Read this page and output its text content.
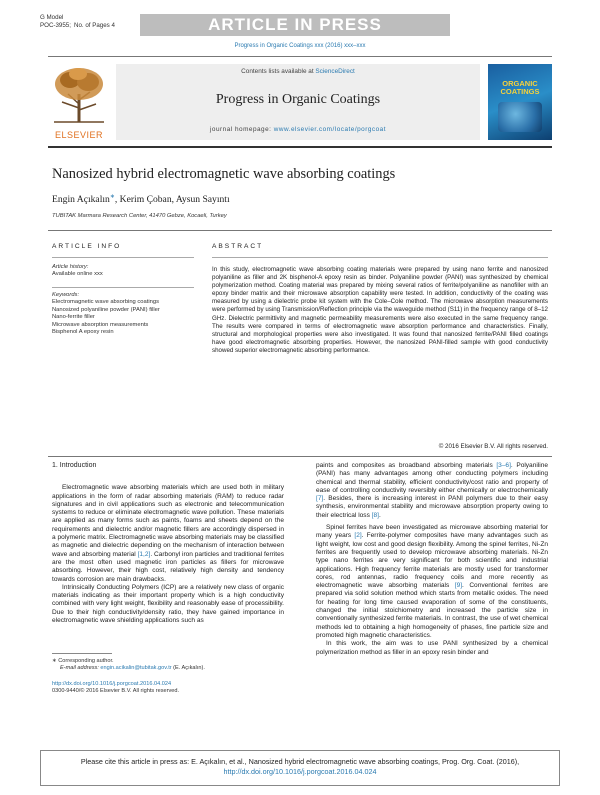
G Model
POC-3955; No. of Pages 4	ARTICLE IN PRESS
Progress in Organic Coatings xxx (2016) xxx–xxx
ELSEVIER
Contents lists available at ScienceDirect
Progress in Organic Coatings
journal homepage: www.elsevier.com/locate/porgcoat
ORGANIC
COATINGS
Nanosized hybrid electromagnetic wave absorbing coatings
Engin Açıkalın∗, Kerim Çoban, Aysun Sayıntı
TUBITAK Marmara Research Center, 41470 Gebze, Kocaeli, Turkey
ARTICLE INFO
Article history:
Available online xxx
Keywords:
Electromagnetic wave absorbing coatings
Nanosized polyaniline powder (PANI) filler
Nano-ferrite filler
Microwave absorption measurements
Bisphenol A epoxy resin
ABSTRACT
In this study, electromagnetic wave absorbing coating materials were prepared by using nano ferrite and nanosized polyaniline as filler and 2K bisphenol-A epoxy resin as binder. Polyaniline powder (PANI) was synthesized by chemical polymerization method. Coating material was prepared by mixing several ratios of ferrite/polyaniline as nanofiller with an epoxy binder matrix and their microwave absorption capability were tested. In addition, conductivity of the coating was measured by using a dielectric probe kit system with the Cole–Cole method. The microwave absorption measurements were performed by using Transmission/Reflection principle via the waveguide method (S11) in the frequency range of 8–12 GHz. Dielectric permittivity and magnetic permeability measurements were also executed in the same frequency range. The results were compared in terms of electromagnetic wave absorption performance and characteristics. Finally, structural and morphological properties were also investigated. It was found that nanosized ferrite/PANI filled coatings have good electromagnetic absorbing properties. However, the nanosized PANI-filled sample with good conductivity showed superior electromagnetic absorbing performance.
© 2016 Elsevier B.V. All rights reserved.
1. Introduction

Electromagnetic wave absorbing materials which are used both in military applications in the form of radar absorbing materials (RAM) to reduce radar signatures and in civil applications such as electronic and telecommunication systems to reduce or eliminate electromagnetic wave pollution. These materials are applied as many forms such as paints, foams and sheets depend on the requirements and dielectric and/or magnetic fillers are accordingly dispersed in a polymeric matrix. Electromagnetic wave absorbing materials may be classified as magnetic and dielectric depending on the mechanism of interaction between wave and absorbing material [1,2]. Carbonyl iron particles and traditional ferrites are the most often used magnetic iron particles as fillers for microwave absorbing. However, their high cost, relatively high density and tendency towards corrosion are main drawbacks.

Intrinsically Conducting Polymers (ICP) are a relatively new class of organic materials indicating as their important property which is a high conductivity combined with very light weight, flexibility and reasonably ease of processibility. Due to their high conductivity/density ratio, they have gained importance in electromagnetic wave shielding applications such as

paints and composites as broadband absorbing materials [3–6]. Polyaniline (PANI) has many advantages among other conducting polymers including chemical and thermal stability, efficient conductivity/cost ratio and property of ease of controlling conductivity reversibly either chemically or electrochemically [7]. Besides, there is increasing interest in PANI polymers due to their easy synthesis, environmental stability and microwave absorption property owing to their electrical loss [8].

Spinel ferrites have been investigated as microwave absorbing material for many years [2]. Ferrite-polymer composites have many advantages such as light weight, low cost and good design flexibility. Among the spinel ferrites, Ni-Zn ferrites are frequently used to develop microwave absorbing materials. Ni-Zn type nano ferrites are very significant for both scientific and industrial applications. High frequency ferrite materials are mostly used for transformer cores, rod antennas, radio frequency coils and more recently as electromagnetic wave absorbing materials [9]. Conventional ferrites are prepared via solid solution method which starts from metallic oxides. The need for heating for long time caused evaporation of some of the constituents, changed the initial stoichiometry and increased the particle size in conventionally synthesized ferrite materials. In contrast, the use of wet chemical methods led to obtaining a high homogeneity of phases, fine particle size and promoted high magnetic characteristics.

In this work, the aim was to use PANI synthesized by a chemical polymerization method as filler in an epoxy resin binder and

∗ Corresponding author.
E-mail address: engin.acikalin@tubitak.gov.tr (E. Açıkalın).
http://dx.doi.org/10.1016/j.porgcoat.2016.04.024
0300-9440/© 2016 Elsevier B.V. All rights reserved.
Please cite this article in press as: E. Açıkalın, et al., Nanosized hybrid electromagnetic wave absorbing coatings, Prog. Org. Coat. (2016), http://dx.doi.org/10.1016/j.porgcoat.2016.04.024
